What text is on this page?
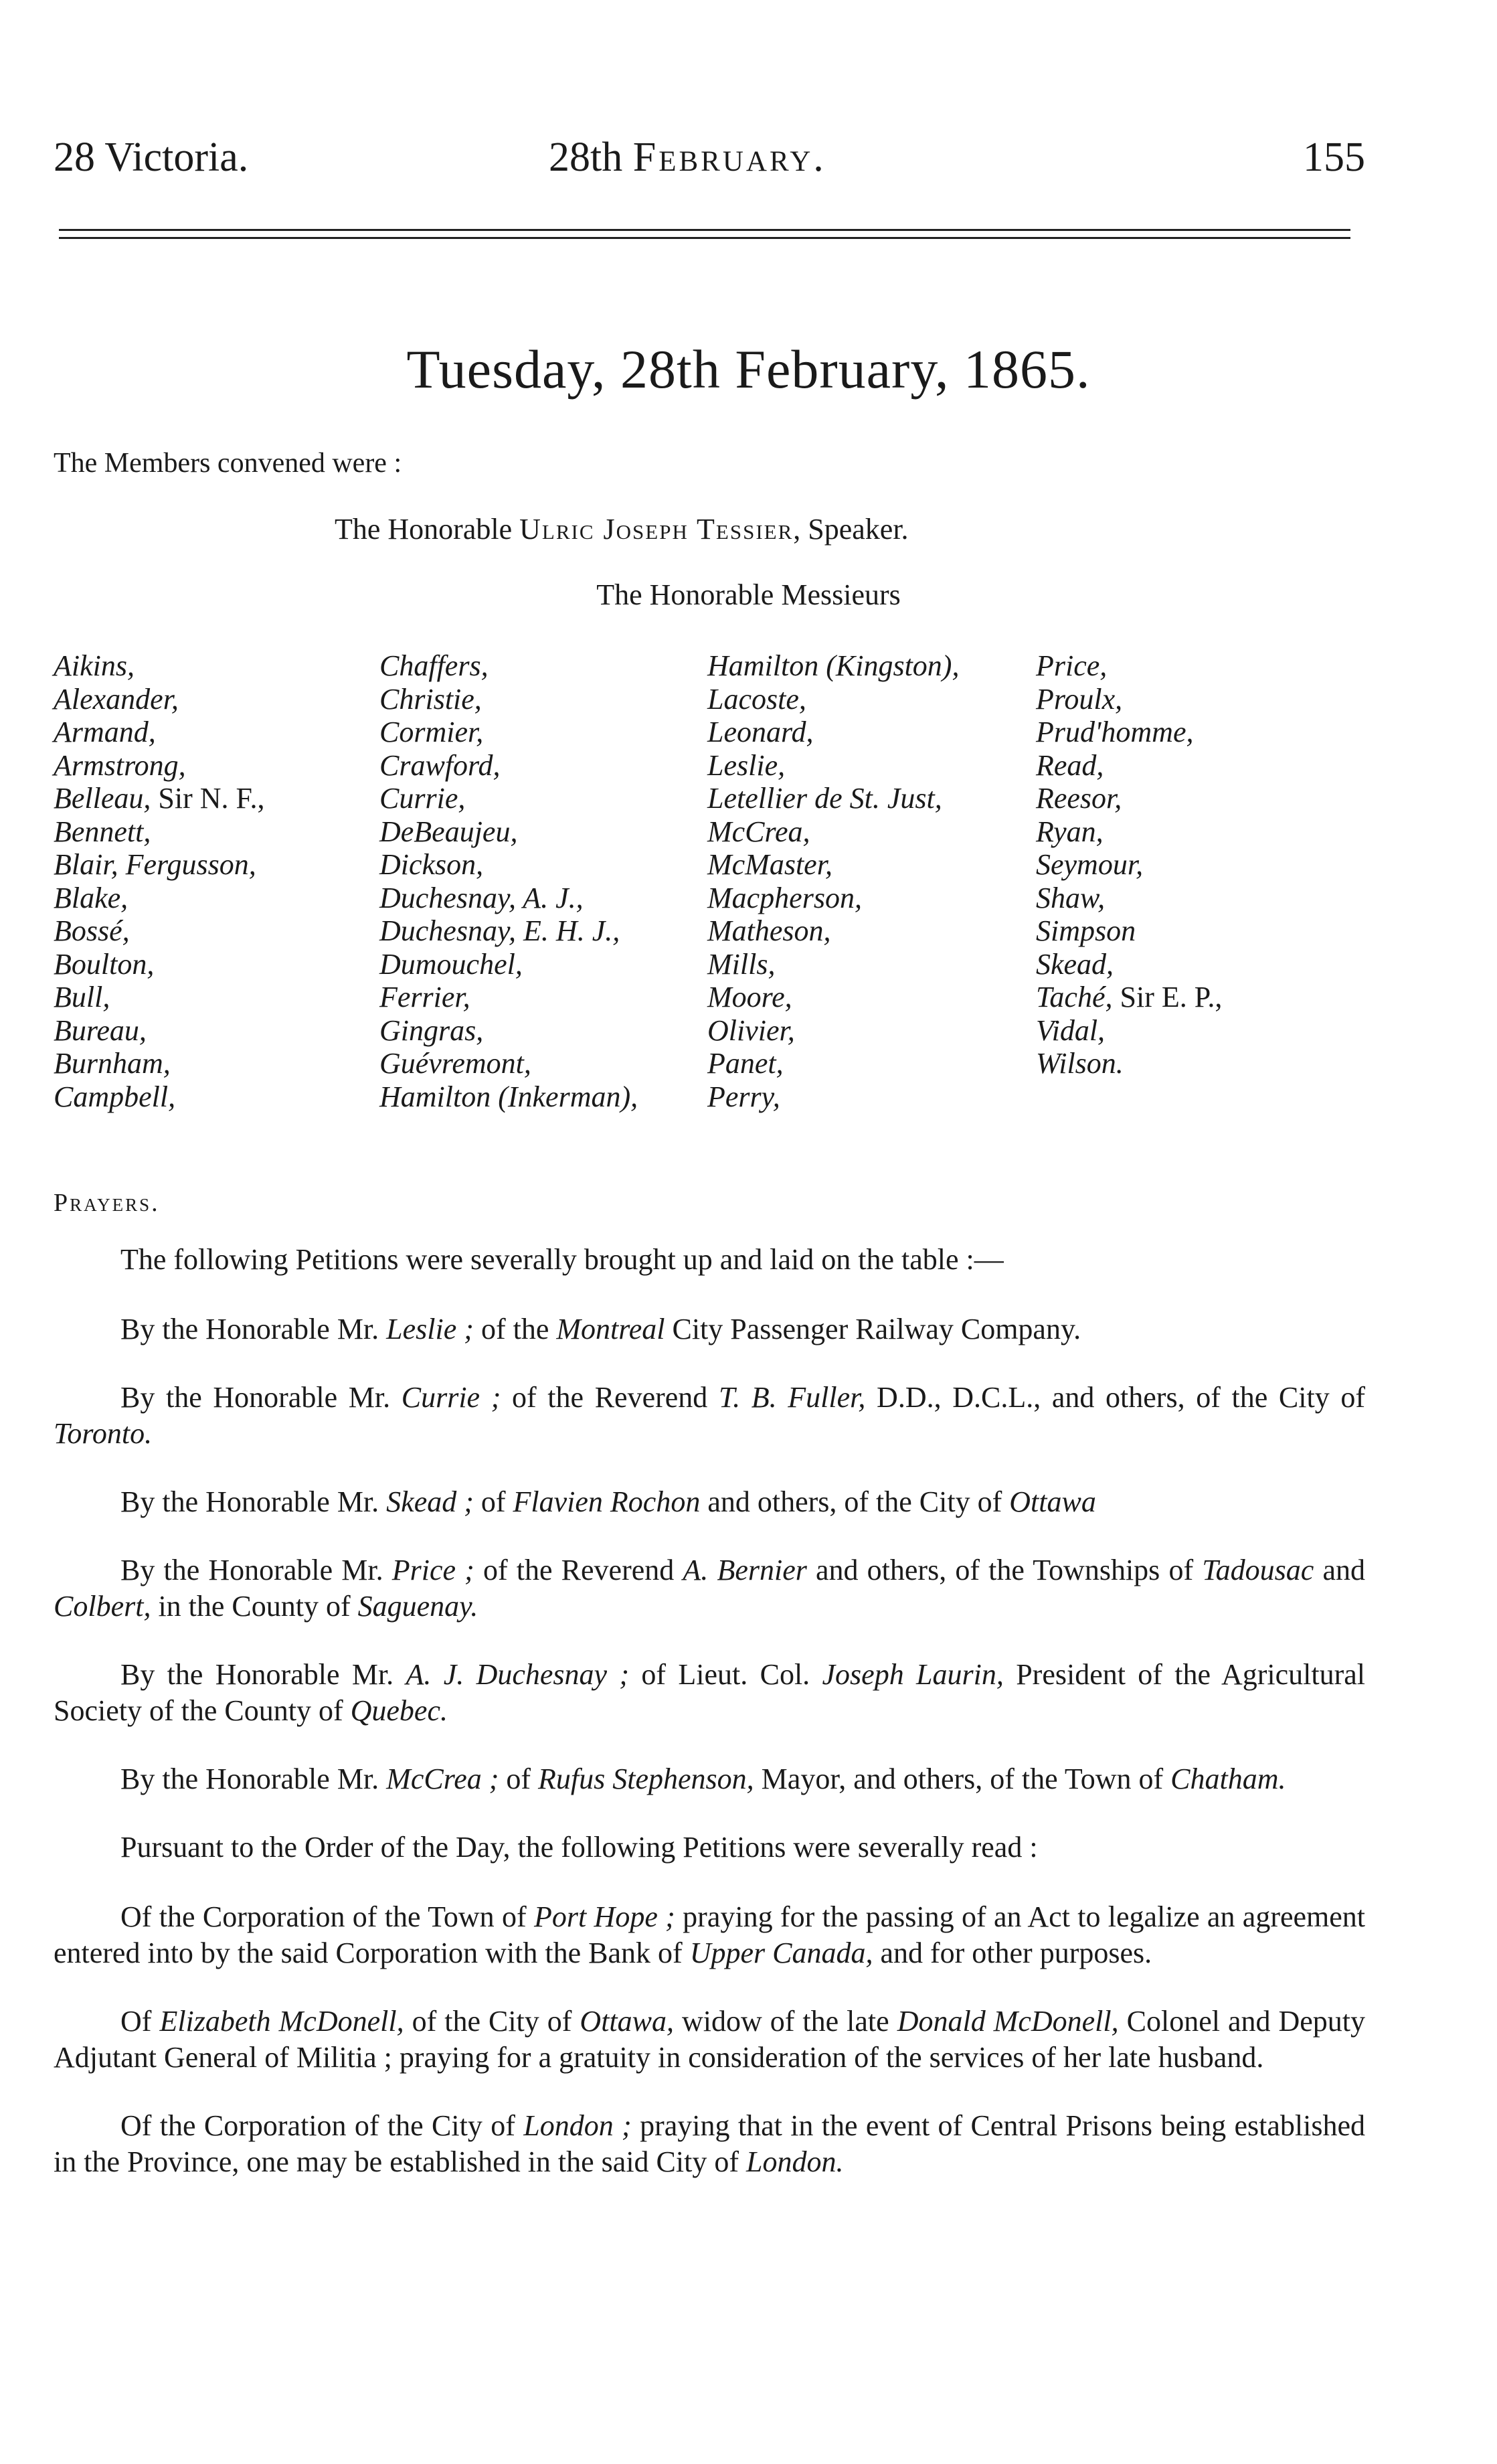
28 Victoria.	28th February.	155
Tuesday, 28th February, 1865.
The Members convened were :
The Honorable Ulric Joseph Tessier, Speaker.
The Honorable Messieurs
Aikins,
Alexander,
Armand,
Armstrong,
Belleau, Sir N. F.,
Bennett,
Blair, Fergusson,
Blake,
Bossé,
Boulton,
Bull,
Bureau,
Burnham,
Campbell,
Chaffers,
Christie,
Cormier,
Crawford,
Currie,
DeBeaujeu,
Dickson,
Duchesnay, A. J.,
Duchesnay, E. H. J.,
Dumouchel,
Ferrier,
Gingras,
Guévremont,
Hamilton (Inkerman),
Hamilton (Kingston),
Lacoste,
Leonard,
Leslie,
Letellier de St. Just,
McCrea,
McMaster,
Macpherson,
Matheson,
Mills,
Moore,
Olivier,
Panet,
Perry,
Price,
Proulx,
Prud'homme,
Read,
Reesor,
Ryan,
Seymour,
Shaw,
Simpson
Skead,
Taché, Sir E. P.,
Vidal,
Wilson.
Prayers.

The following Petitions were severally brought up and laid on the table :—

By the Honorable Mr. Leslie ; of the Montreal City Passenger Railway Company.

By the Honorable Mr. Currie ; of the Reverend T. B. Fuller, D.D., D.C.L., and others, of the City of Toronto.

By the Honorable Mr. Skead ; of Flavien Rochon and others, of the City of Ottawa

By the Honorable Mr. Price ; of the Reverend A. Bernier and others, of the Townships of Tadousac and Colbert, in the County of Saguenay.

By the Honorable Mr. A. J. Duchesnay ; of Lieut. Col. Joseph Laurin, President of the Agricultural Society of the County of Quebec.

By the Honorable Mr. McCrea ; of Rufus Stephenson, Mayor, and others, of the Town of Chatham.

Pursuant to the Order of the Day, the following Petitions were severally read :

Of the Corporation of the Town of Port Hope ; praying for the passing of an Act to legalize an agreement entered into by the said Corporation with the Bank of Upper Canada, and for other purposes.

Of Elizabeth McDonell, of the City of Ottawa, widow of the late Donald McDonell, Colonel and Deputy Adjutant General of Militia ; praying for a gratuity in consideration of the services of her late husband.

Of the Corporation of the City of London ; praying that in the event of Central Prisons being established in the Province, one may be established in the said City of London.
